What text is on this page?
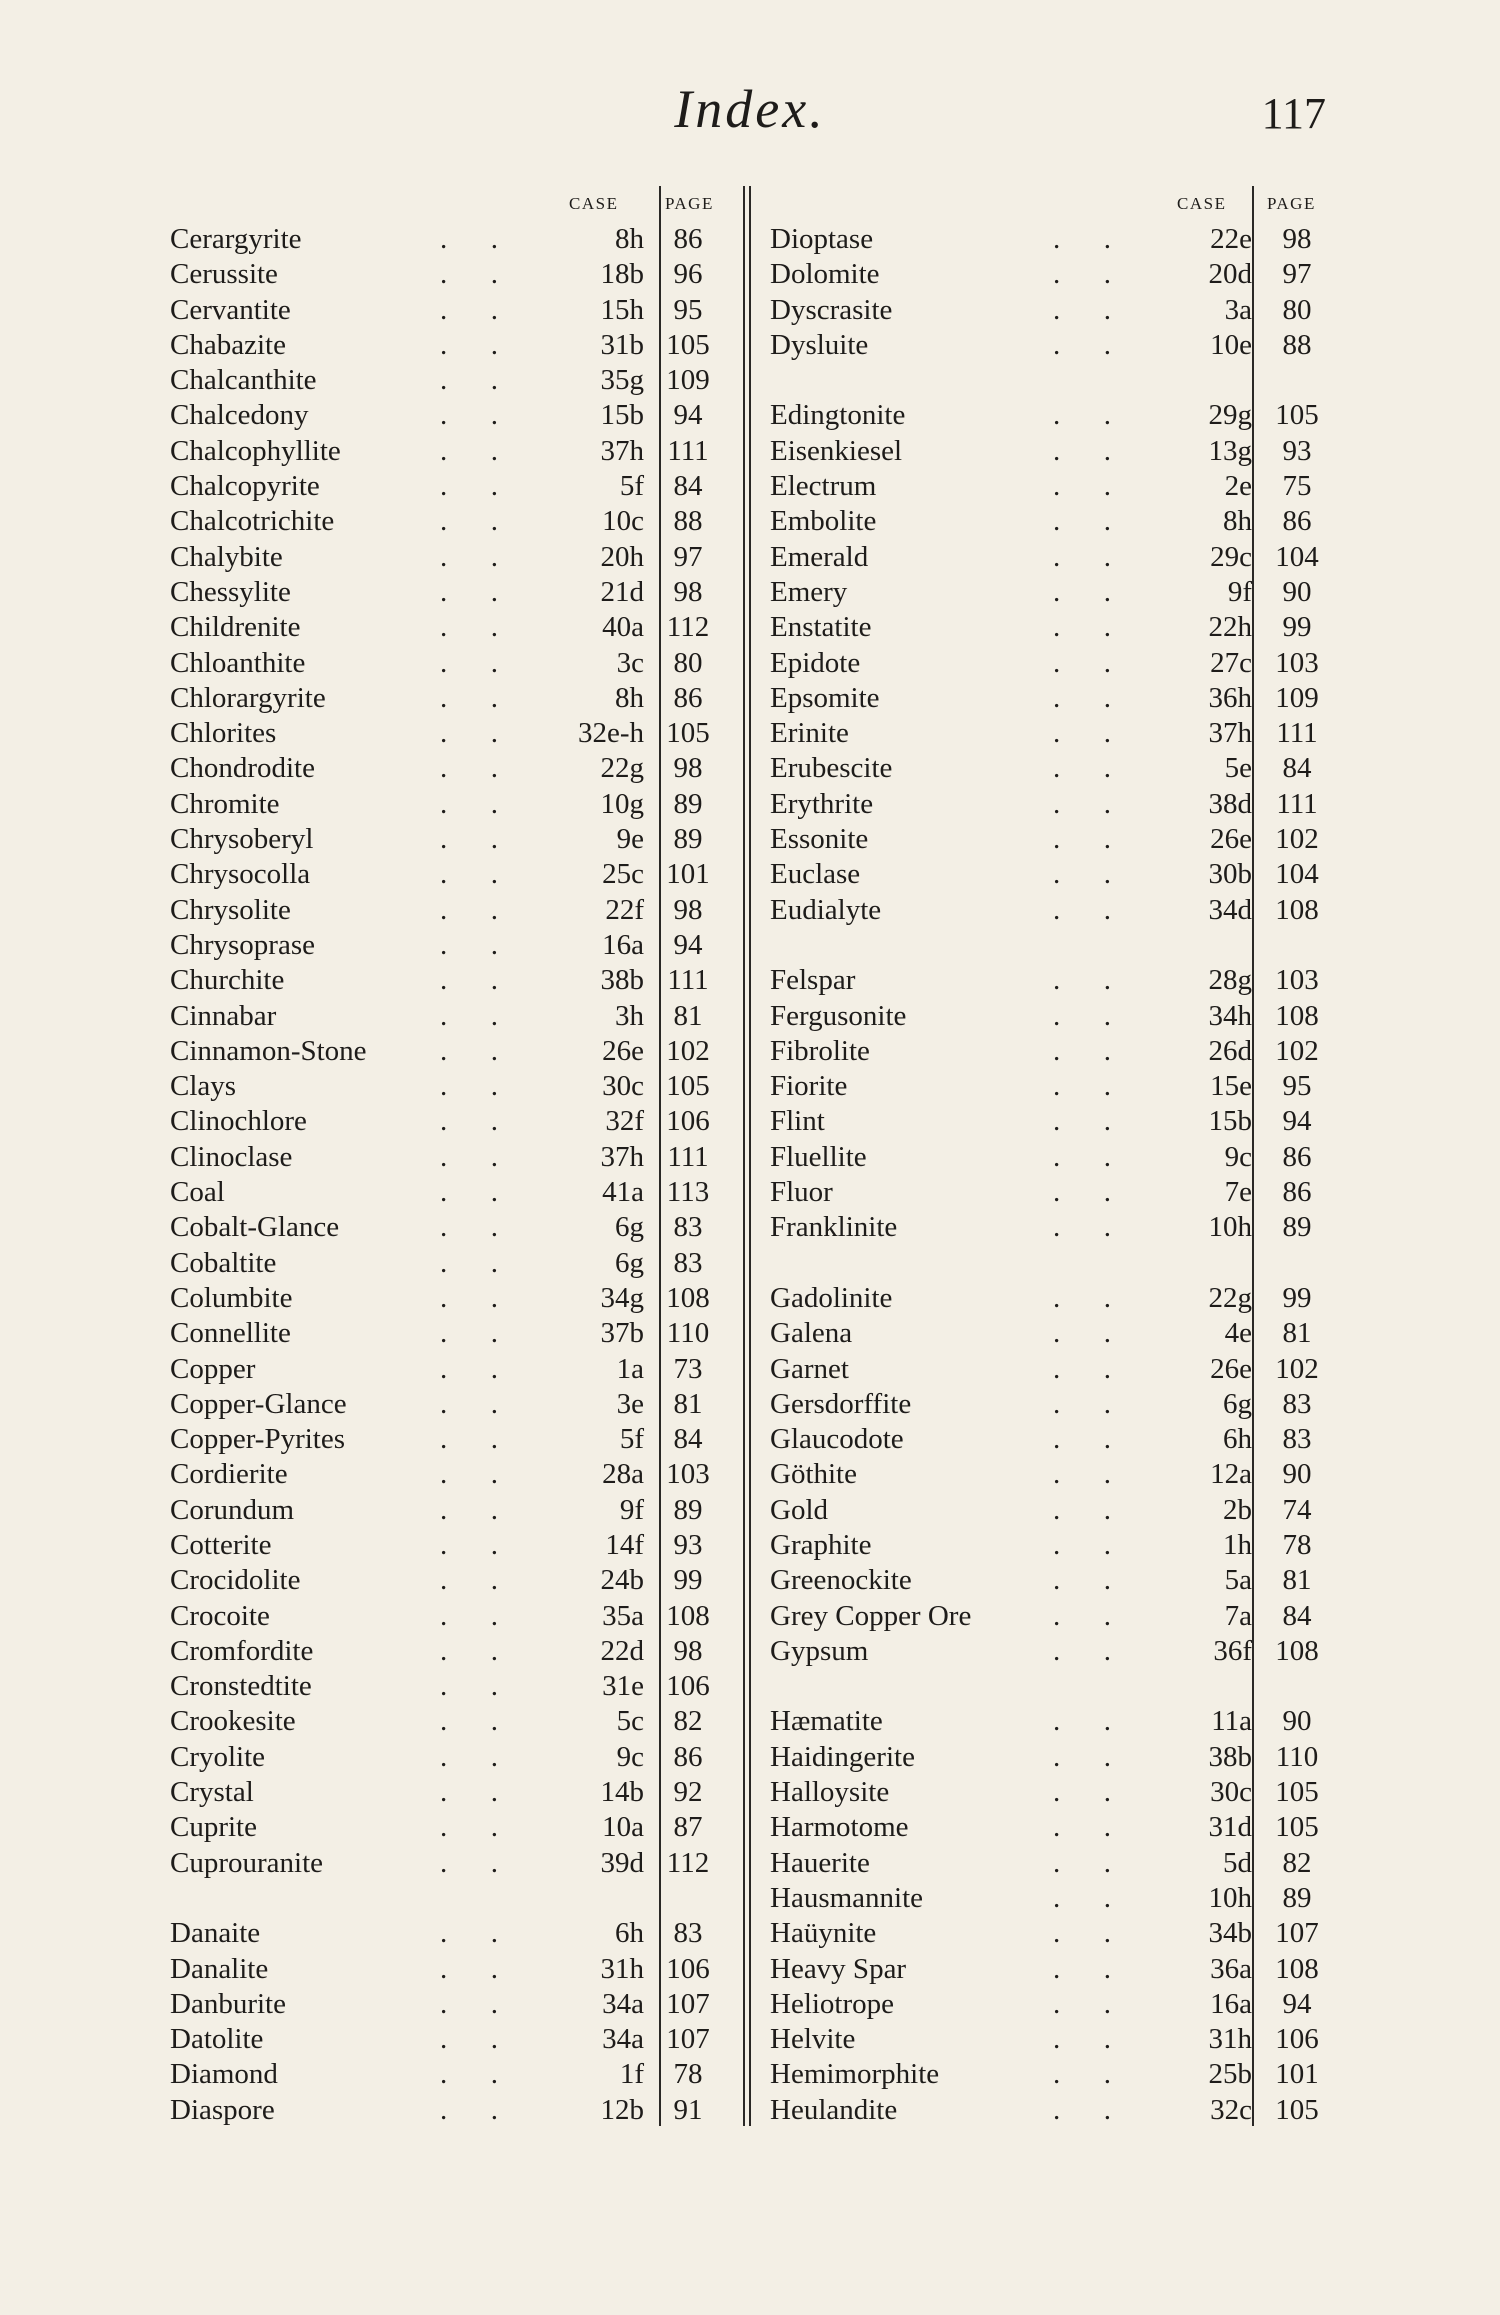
Index.	117
CASE	PAGE
Cerargyrite	.      .	8h	86
Cerussite	.      .	18b	96
Cervantite	.      .	15h	95
Chabazite	.      .	31b 105
Chalcanthite	.      .	35g 109
Chalcedony	.      .	15b	94
Chalcophyllite	.      .	37h 111
Chalcopyrite	.      .	5f	84
Chalcotrichite	.      .	10c	88
Chalybite	.      .	20h	97
Chessylite	.      .	21d	98
Childrenite	.      .	40a 112
Chloanthite	.      .	3c	80
Chlorargyrite	.      .	8h	86
Chlorites	.      .	32e-h 105
Chondrodite	.      .	22g	98
Chromite	.      .	10g	89
Chrysoberyl	.      .	9e	89
Chrysocolla	.      .	25c 101
Chrysolite	.      .	22f	98
Chrysoprase	.      .	16a	94
Churchite	.      .	38b 111
Cinnabar	.      .	3h	81
Cinnamon-Stone	.      .	26e 102
Clays	.      .	30c 105
Clinochlore	.      .	32f 106
Clinoclase	.      .	37h 111
Coal	.      .	41a 113
Cobalt-Glance	.      .	6g	83
Cobaltite	.      .	6g	83
Columbite	.      .	34g 108
Connellite	.      .	37b 110
Copper	.      .	1a	73
Copper-Glance	.      .	3e	81
Copper-Pyrites	.      .	5f	84
Cordierite	.      .	28a 103
Corundum	.      .	9f	89
Cotterite	.      .	14f	93
Crocidolite	.      .	24b	99
Crocoite	.      .	35a 108
Cromfordite	.      .	22d	98
Cronstedtite	.      .	31e 106
Crookesite	.      .	5c	82
Cryolite	.      .	9c	86
Crystal	.      .	14b	92
Cuprite	.      .	10a	87
Cuprouranite	.      .	39d 112
Danaite	.      .	6h	83
Danalite	.      .	31h 106
Danburite	.      .	34a 107
Datolite	.      .	34a 107
Diamond	.      .	1f	78
Diaspore	.      .	12b	91
CASE PAGE
Dioptase	.      .	22e	98
Dolomite	.      .	20d	97
Dyscrasite	.      .	3a	80
Dysluite	.      .	10e	88
Edingtonite	.      .	29g 105
Eisenkiesel	.      .	13g	93
Electrum	.      .	2e	75
Embolite	.      .	8h	86
Emerald	.      .	29c 104
Emery	.      .	9f	90
Enstatite	.      .	22h	99
Epidote	.      .	27c 103
Epsomite	.      .	36h 109
Erinite	.      .	37h 111
Erubescite	.      .	5e	84
Erythrite	.      .	38d 111
Essonite	.      .	26e 102
Euclase	.      .	30b 104
Eudialyte	.      .	34d 108
Felspar	.      .	28g 103
Fergusonite	.      .	34h 108
Fibrolite	.      .	26d 102
Fiorite	.      .	15e	95
Flint	.      .	15b	94
Fluellite	.      .	9c	86
Fluor	.      .	7e	86
Franklinite	.      .	10h	89
Gadolinite	.      .	22g	99
Galena	.      .	4e	81
Garnet	.      .	26e 102
Gersdorffite	.      .	6g	83
Glaucodote	.      .	6h	83
Göthite	.      .	12a	90
Gold	.      .	2b	74
Graphite	.      .	1h	78
Greenockite	.      .	5a	81
Grey Copper Ore	.      .	7a	84
Gypsum	.      .	36f 108
Hæmatite	.      .	11a	90
Haidingerite	.      .	38b 110
Halloysite	.      .	30c 105
Harmotome	.      .	31d 105
Hauerite	.      .	5d	82
Hausmannite	.      .	10h	89
Haüynite	.      .	34b 107
Heavy Spar	.      .	36a 108
Heliotrope	.      .	16a	94
Helvite	.      .	31h 106
Hemimorphite	.      .	25b 101
Heulandite	.      .	32c 105
